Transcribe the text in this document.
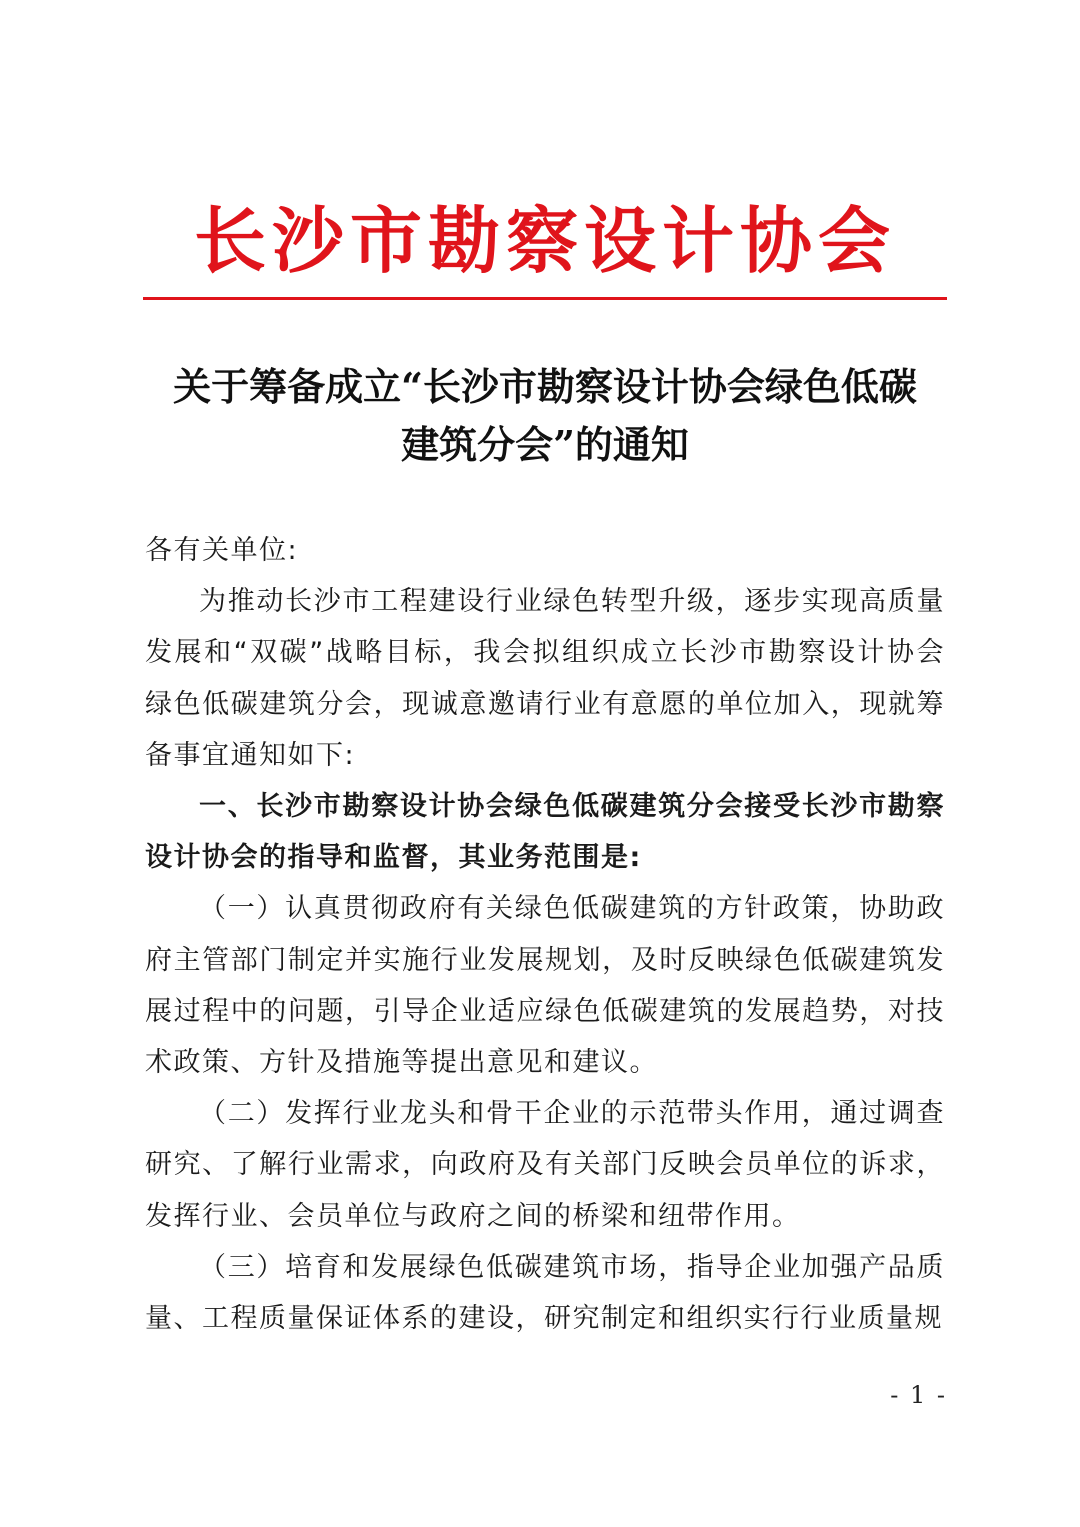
长沙市勘察设计协会
关于筹备成立“长沙市勘察设计协会绿色低碳
建筑分会”的通知

各有关单位:

为推动长沙市工程建设行业绿色转型升级，逐步实现高质量发展和“双碳”战略目标，我会拟组织成立长沙市勘察设计协会绿色低碳建筑分会，现诚意邀请行业有意愿的单位加入，现就筹备事宜通知如下:

一、长沙市勘察设计协会绿色低碳建筑分会接受长沙市勘察设计协会的指导和监督，其业务范围是:

（一）认真贯彻政府有关绿色低碳建筑的方针政策，协助政府主管部门制定并实施行业发展规划，及时反映绿色低碳建筑发展过程中的问题，引导企业适应绿色低碳建筑的发展趋势，对技术政策、方针及措施等提出意见和建议。

（二）发挥行业龙头和骨干企业的示范带头作用，通过调查研究、了解行业需求，向政府及有关部门反映会员单位的诉求，发挥行业、会员单位与政府之间的桥梁和纽带作用。

（三）培育和发展绿色低碳建筑市场，指导企业加强产品质量、工程质量保证体系的建设，研究制定和组织实行行业质量规

- 1 -
